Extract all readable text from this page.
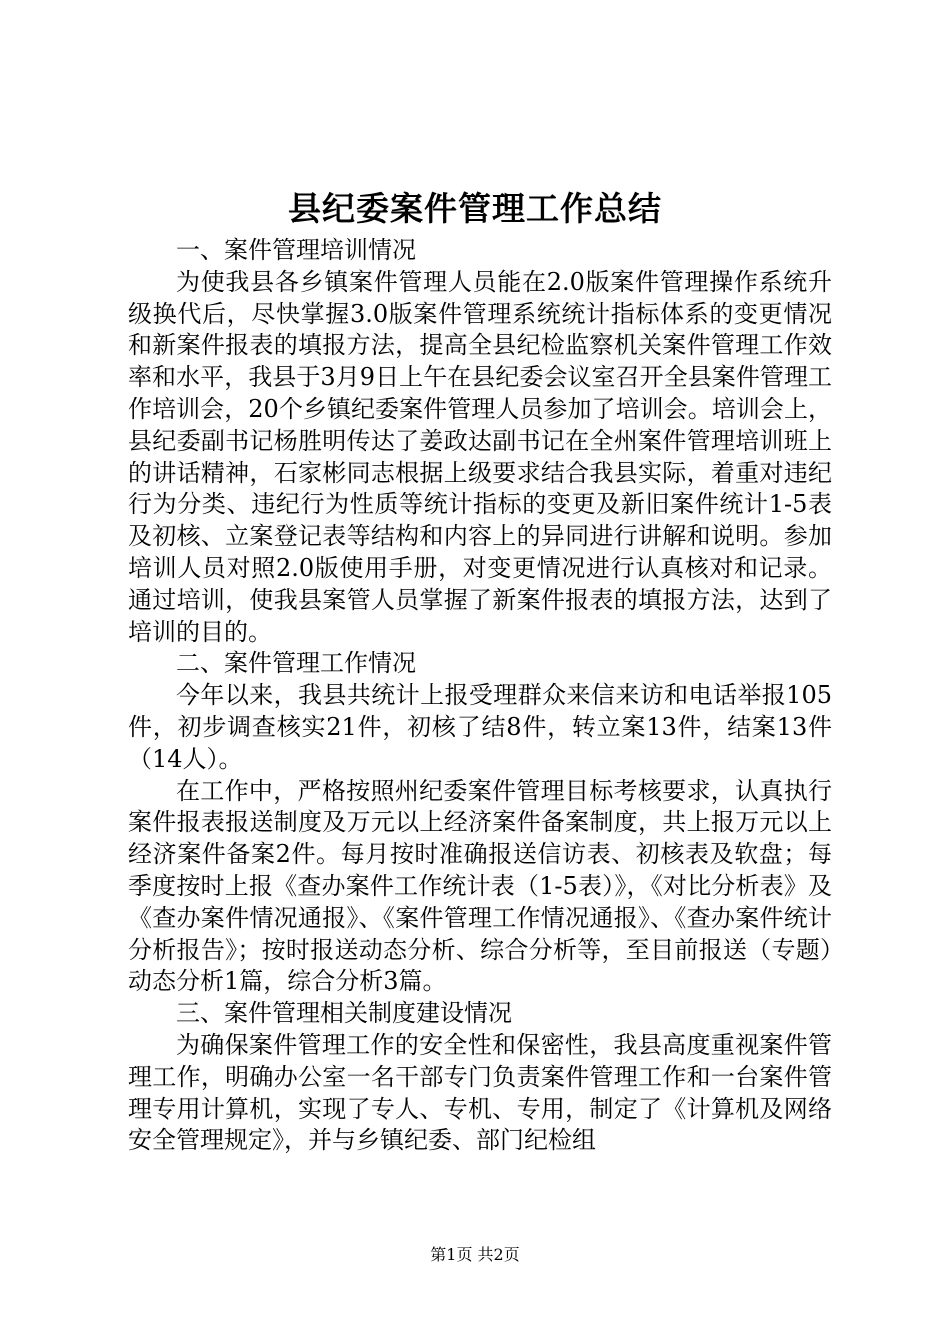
县纪委案件管理工作总结

一、案件管理培训情况

为使我县各乡镇案件管理人员能在2.0版案件管理操作系统升级换代后，尽快掌握3.0版案件管理系统统计指标体系的变更情况和新案件报表的填报方法，提高全县纪检监察机关案件管理工作效率和水平，我县于3月9日上午在县纪委会议室召开全县案件管理工作培训会，20个乡镇纪委案件管理人员参加了培训会。培训会上，县纪委副书记杨胜明传达了姜政达副书记在全州案件管理培训班上的讲话精神，石家彬同志根据上级要求结合我县实际，着重对违纪行为分类、违纪行为性质等统计指标的变更及新旧案件统计1-5表及初核、立案登记表等结构和内容上的异同进行讲解和说明。参加培训人员对照2.0版使用手册，对变更情况进行认真核对和记录。通过培训，使我县案管人员掌握了新案件报表的填报方法，达到了培训的目的。

二、案件管理工作情况

今年以来，我县共统计上报受理群众来信来访和电话举报105件，初步调查核实21件，初核了结8件，转立案13件，结案13件（14人）。

在工作中，严格按照州纪委案件管理目标考核要求，认真执行案件报表报送制度及万元以上经济案件备案制度，共上报万元以上经济案件备案2件。每月按时准确报送信访表、初核表及软盘；每季度按时上报《查办案件工作统计表（1-5表）》，《对比分析表》及《查办案件情况通报》、《案件管理工作情况通报》、《查办案件统计分析报告》；按时报送动态分析、综合分析等，至目前报送（专题）动态分析1篇，综合分析3篇。

三、案件管理相关制度建设情况

为确保案件管理工作的安全性和保密性，我县高度重视案件管理工作，明确办公室一名干部专门负责案件管理工作和一台案件管理专用计算机，实现了专人、专机、专用，制定了《计算机及网络安全管理规定》，并与乡镇纪委、部门纪检组

第1页 共2页
